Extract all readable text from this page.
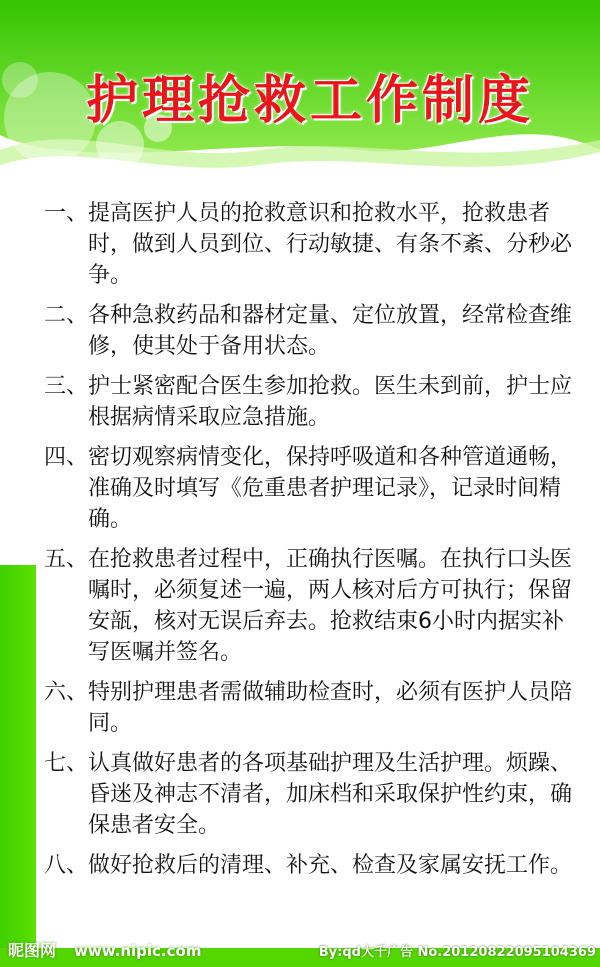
护理抢救工作制度
一、 提高医护人员的抢救意识和抢救水平，抢救患者时，做到人员到位、行动敏捷、有条不紊、分秒必争。
二、 各种急救药品和器材定量、定位放置，经常检查维修，使其处于备用状态。
三、 护士紧密配合医生参加抢救。医生未到前，护士应根据病情采取应急措施。
四、 密切观察病情变化，保持呼吸道和各种管道通畅，准确及时填写《危重患者护理记录》，记录时间精确。
五、 在抢救患者过程中，正确执行医嘱。在执行口头医嘱时，必须复述一遍，两人核对后方可执行；保留安瓿，核对无误后弃去。抢救结束6小时内据实补写医嘱并签名。
六、 特别护理患者需做辅助检查时，必须有医护人员陪同。
七、 认真做好患者的各项基础护理及生活护理。烦躁、昏迷及神志不清者，加床档和采取保护性约束，确保患者安全。
八、 做好抢救后的清理、补充、检查及家属安抚工作。
昵图网 www.nipic.com	By:qd大千广告 No.20120822095104369
